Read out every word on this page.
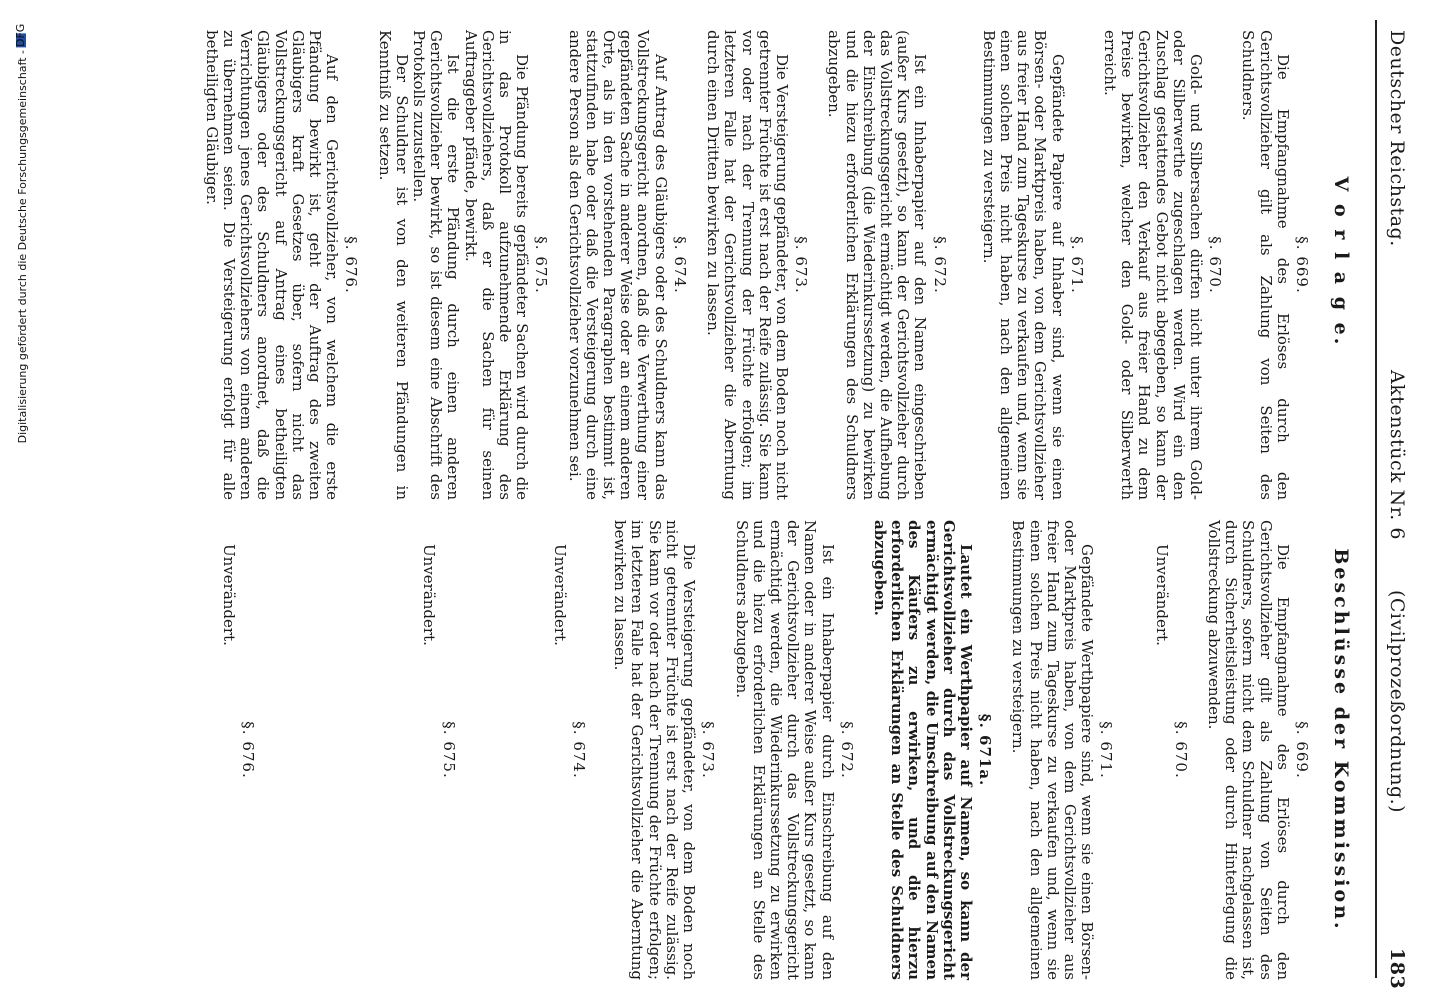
Deutscher Reichstag.
Aktenstück Nr. 6
(Civilprozeßordnung.)
183
V o r l a g e.
Beschlüsse der Kommission.
§. 669.

Die Empfangnahme des Erlöses durch den Gerichtsvollzieher gilt als Zahlung von Seiten des Schuldners.

§. 670.

Gold- und Silbersachen dürfen nicht unter ihrem Gold- oder Silberwerthe zugeschlagen werden. Wird ein den Zuschlag gestattendes Gebot nicht abgegeben, so kann der Gerichtsvollzieher den Verkauf aus freier Hand zu dem Preise bewirken, welcher den Gold- oder Silberwerth erreicht.

§. 671.

Gepfändete Papiere auf Inhaber sind, wenn sie einen Börsen- oder Marktpreis haben, von dem Gerichtsvollzieher aus freier Hand zum Tageskurse zu verkaufen und, wenn sie einen solchen Preis nicht haben, nach den allgemeinen Bestimmungen zu versteigern.

§. 672.

Ist ein Inhaberpapier auf den Namen eingeschrieben (außer Kurs gesetzt), so kann der Gerichtsvollzieher durch das Vollstreckungsgericht ermächtigt werden, die Aufhebung der Einschreibung (die Wiederinkurssetzung) zu bewirken und die hiezu erforderlichen Erklärungen des Schuldners abzugeben.

§. 673.

Die Versteigerung gepfändeter, von dem Boden noch nicht getrennter Früchte ist erst nach der Reife zulässig. Sie kann vor oder nach der Trennung der Früchte erfolgen; im letzteren Falle hat der Gerichtsvollzieher die Aberntung durch einen Dritten bewirken zu lassen.

§. 674.

Auf Antrag des Gläubigers oder des Schuldners kann das Vollstreckungsgericht anordnen, daß die Verwerthung einer gepfändeten Sache in anderer Weise oder an einem anderen Orte, als in den vorstehenden Paragraphen bestimmt ist, stattzufinden habe oder daß die Versteigerung durch eine andere Person als den Gerichtsvollzieher vorzunehmen sei.

§. 675.

Die Pfändung bereits gepfändeter Sachen wird durch die in das Protokoll aufzunehmende Erklärung des Gerichtsvollziehers, daß er die Sachen für seinen Auftraggeber pfände, bewirkt.

Ist die erste Pfändung durch einen anderen Gerichtsvollzieher bewirkt, so ist diesem eine Abschrift des Protokolls zuzustellen.

Der Schuldner ist von den weiteren Pfändungen in Kenntniß zu setzen.

§. 676.

Auf den Gerichtsvollzieher, von welchem die erste Pfändung bewirkt ist, geht der Auftrag des zweiten Gläubigers kraft Gesetzes über, sofern nicht das Vollstreckungsgericht auf Antrag eines betheiligten Gläubigers oder des Schuldners anordnet, daß die Verrichtungen jenes Gerichtsvollziehers von einem anderen zu übernehmen seien. Die Versteigerung erfolgt für alle betheiligten Gläubiger.

§. 669.

Die Empfangnahme des Erlöses durch den Gerichtsvollzieher gilt als Zahlung von Seiten des Schuldners, sofern nicht dem Schuldner nachgelassen ist, durch Sicherheitsleistung oder durch Hinterlegung die Vollstreckung abzuwenden.

§. 670.

Unverändert.

§. 671.

Gepfändete Werthpapiere sind, wenn sie einen Börsen- oder Marktpreis haben, von dem Gerichtsvollzieher aus freier Hand zum Tageskurse zu verkaufen und, wenn sie einen solchen Preis nicht haben, nach den allgemeinen Bestimmungen zu versteigern.

§. 671a.

Lautet ein Werthpapier auf Namen, so kann der Gerichtsvollzieher durch das Vollstreckungsgericht ermächtigt werden, die Umschreibung auf den Namen des Käufers zu erwirken, und die hierzu erforderlichen Erklärungen an Stelle des Schuldners abzugeben.

§. 672.

Ist ein Inhaberpapier durch Einschreibung auf den Namen oder in anderer Weise außer Kurs gesetzt, so kann der Gerichtsvollzieher durch das Vollstreckungsgericht ermächtigt werden, die Wiederinkurssetzung zu erwirken und die hiezu erforderlichen Erklärungen an Stelle des Schuldners abzugeben.

§. 673.

Die Versteigerung gepfändeter, von dem Boden noch nicht getrennter Früchte ist erst nach der Reife zulässig. Sie kann vor oder nach der Trennung der Früchte erfolgen; im letzteren Falle hat der Gerichtsvollzieher die Aberntung bewirken zu lassen.

§. 674.

Unverändert.

§. 675.

Unverändert.

§. 676.

Unverändert.

Digitalisierung gefördert durch die Deutsche Forschungsgemeinschaft -
DFG
